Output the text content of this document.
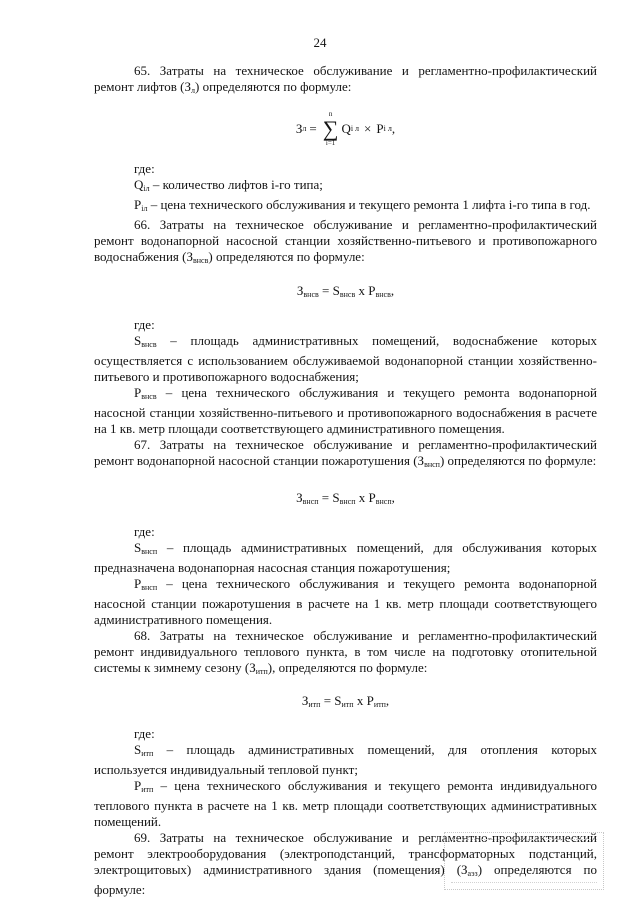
24

65. Затраты на техническое обслуживание и регламентно-профилактический ремонт лифтов $(З_л)$ определяются по формуле:

З л =
n
∑
i=1
Q i л × P i л ,

где:

$Q_{iл}$ – количество лифтов i-го типа;

$P_{iл}$ – цена технического обслуживания и текущего ремонта 1 лифта i-го типа в год.

66. Затраты на техническое обслуживание и регламентно-профилактический ремонт водонапорной насосной станции хозяйственно-питьевого и противопожарного водоснабжения $(З_{внсв})$ определяются по формуле:

$З_{внсв} = S_{внсв}$ x $P_{внсв}$,

где:

$S_{внсв}$ – площадь административных помещений, водоснабжение которых осуществляется с использованием обслуживаемой водонапорной станции хозяйственно-питьевого и противопожарного водоснабжения;

$P_{внсв}$ – цена технического обслуживания и текущего ремонта водонапорной насосной станции хозяйственно-питьевого и противопожарного водоснабжения в расчете на 1 кв. метр площади соответствующего административного помещения.

67. Затраты на техническое обслуживание и регламентно-профилактический ремонт водонапорной насосной станции пожаротушения $(З_{внсп})$ определяются по формуле:

$З_{внсп} = S_{внсп}$ x $P_{внсп}$,

где:

$S_{внсп}$ – площадь административных помещений, для обслуживания которых предназначена водонапорная насосная станция пожаротушения;

$P_{внсп}$ – цена технического обслуживания и текущего ремонта водонапорной насосной станции пожаротушения в расчете на 1 кв. метр площади соответствующего административного помещения.

68. Затраты на техническое обслуживание и регламентно-профилактический ремонт индивидуального теплового пункта, в том числе на подготовку отопительной системы к зимнему сезону $(З_{итп})$, определяются по формуле:

$З_{итп} = S_{итп}$ x $P_{итп}$,

где:

$S_{итп}$ – площадь административных помещений, для отопления которых используется индивидуальный тепловой пункт;

$P_{итп}$ – цена технического обслуживания и текущего ремонта индивидуального теплового пункта в расчете на 1 кв. метр площади соответствующих административных помещений.

69. Затраты на техническое обслуживание и регламентно-профилактический ремонт электрооборудования (электроподстанций, трансформаторных подстанций, электрощитовых) административного здания (помещения) $(З_{аэз})$ определяются по формуле:
